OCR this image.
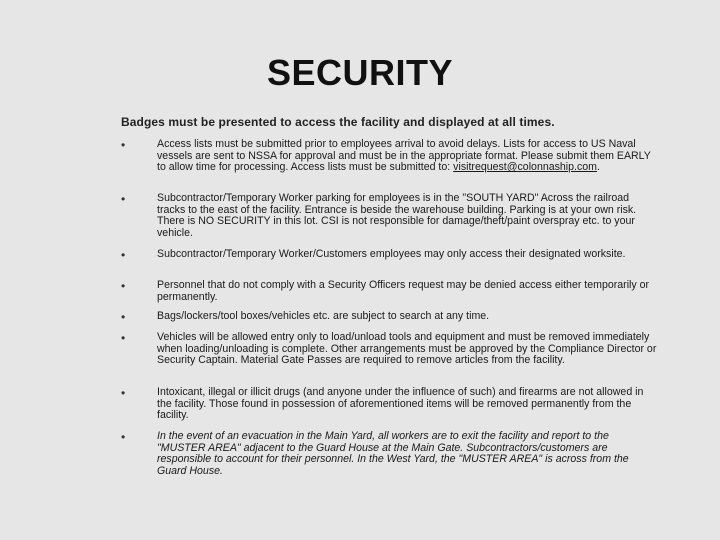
SECURITY
Badges must be presented to access the facility and displayed at all times.
•	Access lists must be submitted prior to employees arrival to avoid delays. Lists for access to US Naval vessels are sent to NSSA for approval and must be in the appropriate format. Please submit them EARLY to allow time for processing. Access lists must be submitted to: visitrequest@colonnaship.com.
•	Subcontractor/Temporary Worker parking for employees is in the "SOUTH YARD" Across the railroad tracks to the east of the facility. Entrance is beside the warehouse building. Parking is at your own risk. There is NO SECURITY in this lot. CSI is not responsible for damage/theft/paint overspray etc. to your vehicle.
•	Subcontractor/Temporary Worker/Customers employees may only access their designated worksite.
•	Personnel that do not comply with a Security Officers request may be denied access either temporarily or permanently.
•	Bags/lockers/tool boxes/vehicles etc. are subject to search at any time.
•	Vehicles will be allowed entry only to load/unload tools and equipment and must be removed immediately when loading/unloading is complete. Other arrangements must be approved by the Compliance Director or Security Captain. Material Gate Passes are required to remove articles from the facility.
•	Intoxicant, illegal or illicit drugs (and anyone under the influence of such) and firearms are not allowed in the facility. Those found in possession of aforementioned items will be removed permanently from the facility.
•	In the event of an evacuation in the Main Yard, all workers are to exit the facility and report to the "MUSTER AREA" adjacent to the Guard House at the Main Gate. Subcontractors/customers are responsible to account for their personnel. In the West Yard, the "MUSTER AREA" is across from the Guard House.
